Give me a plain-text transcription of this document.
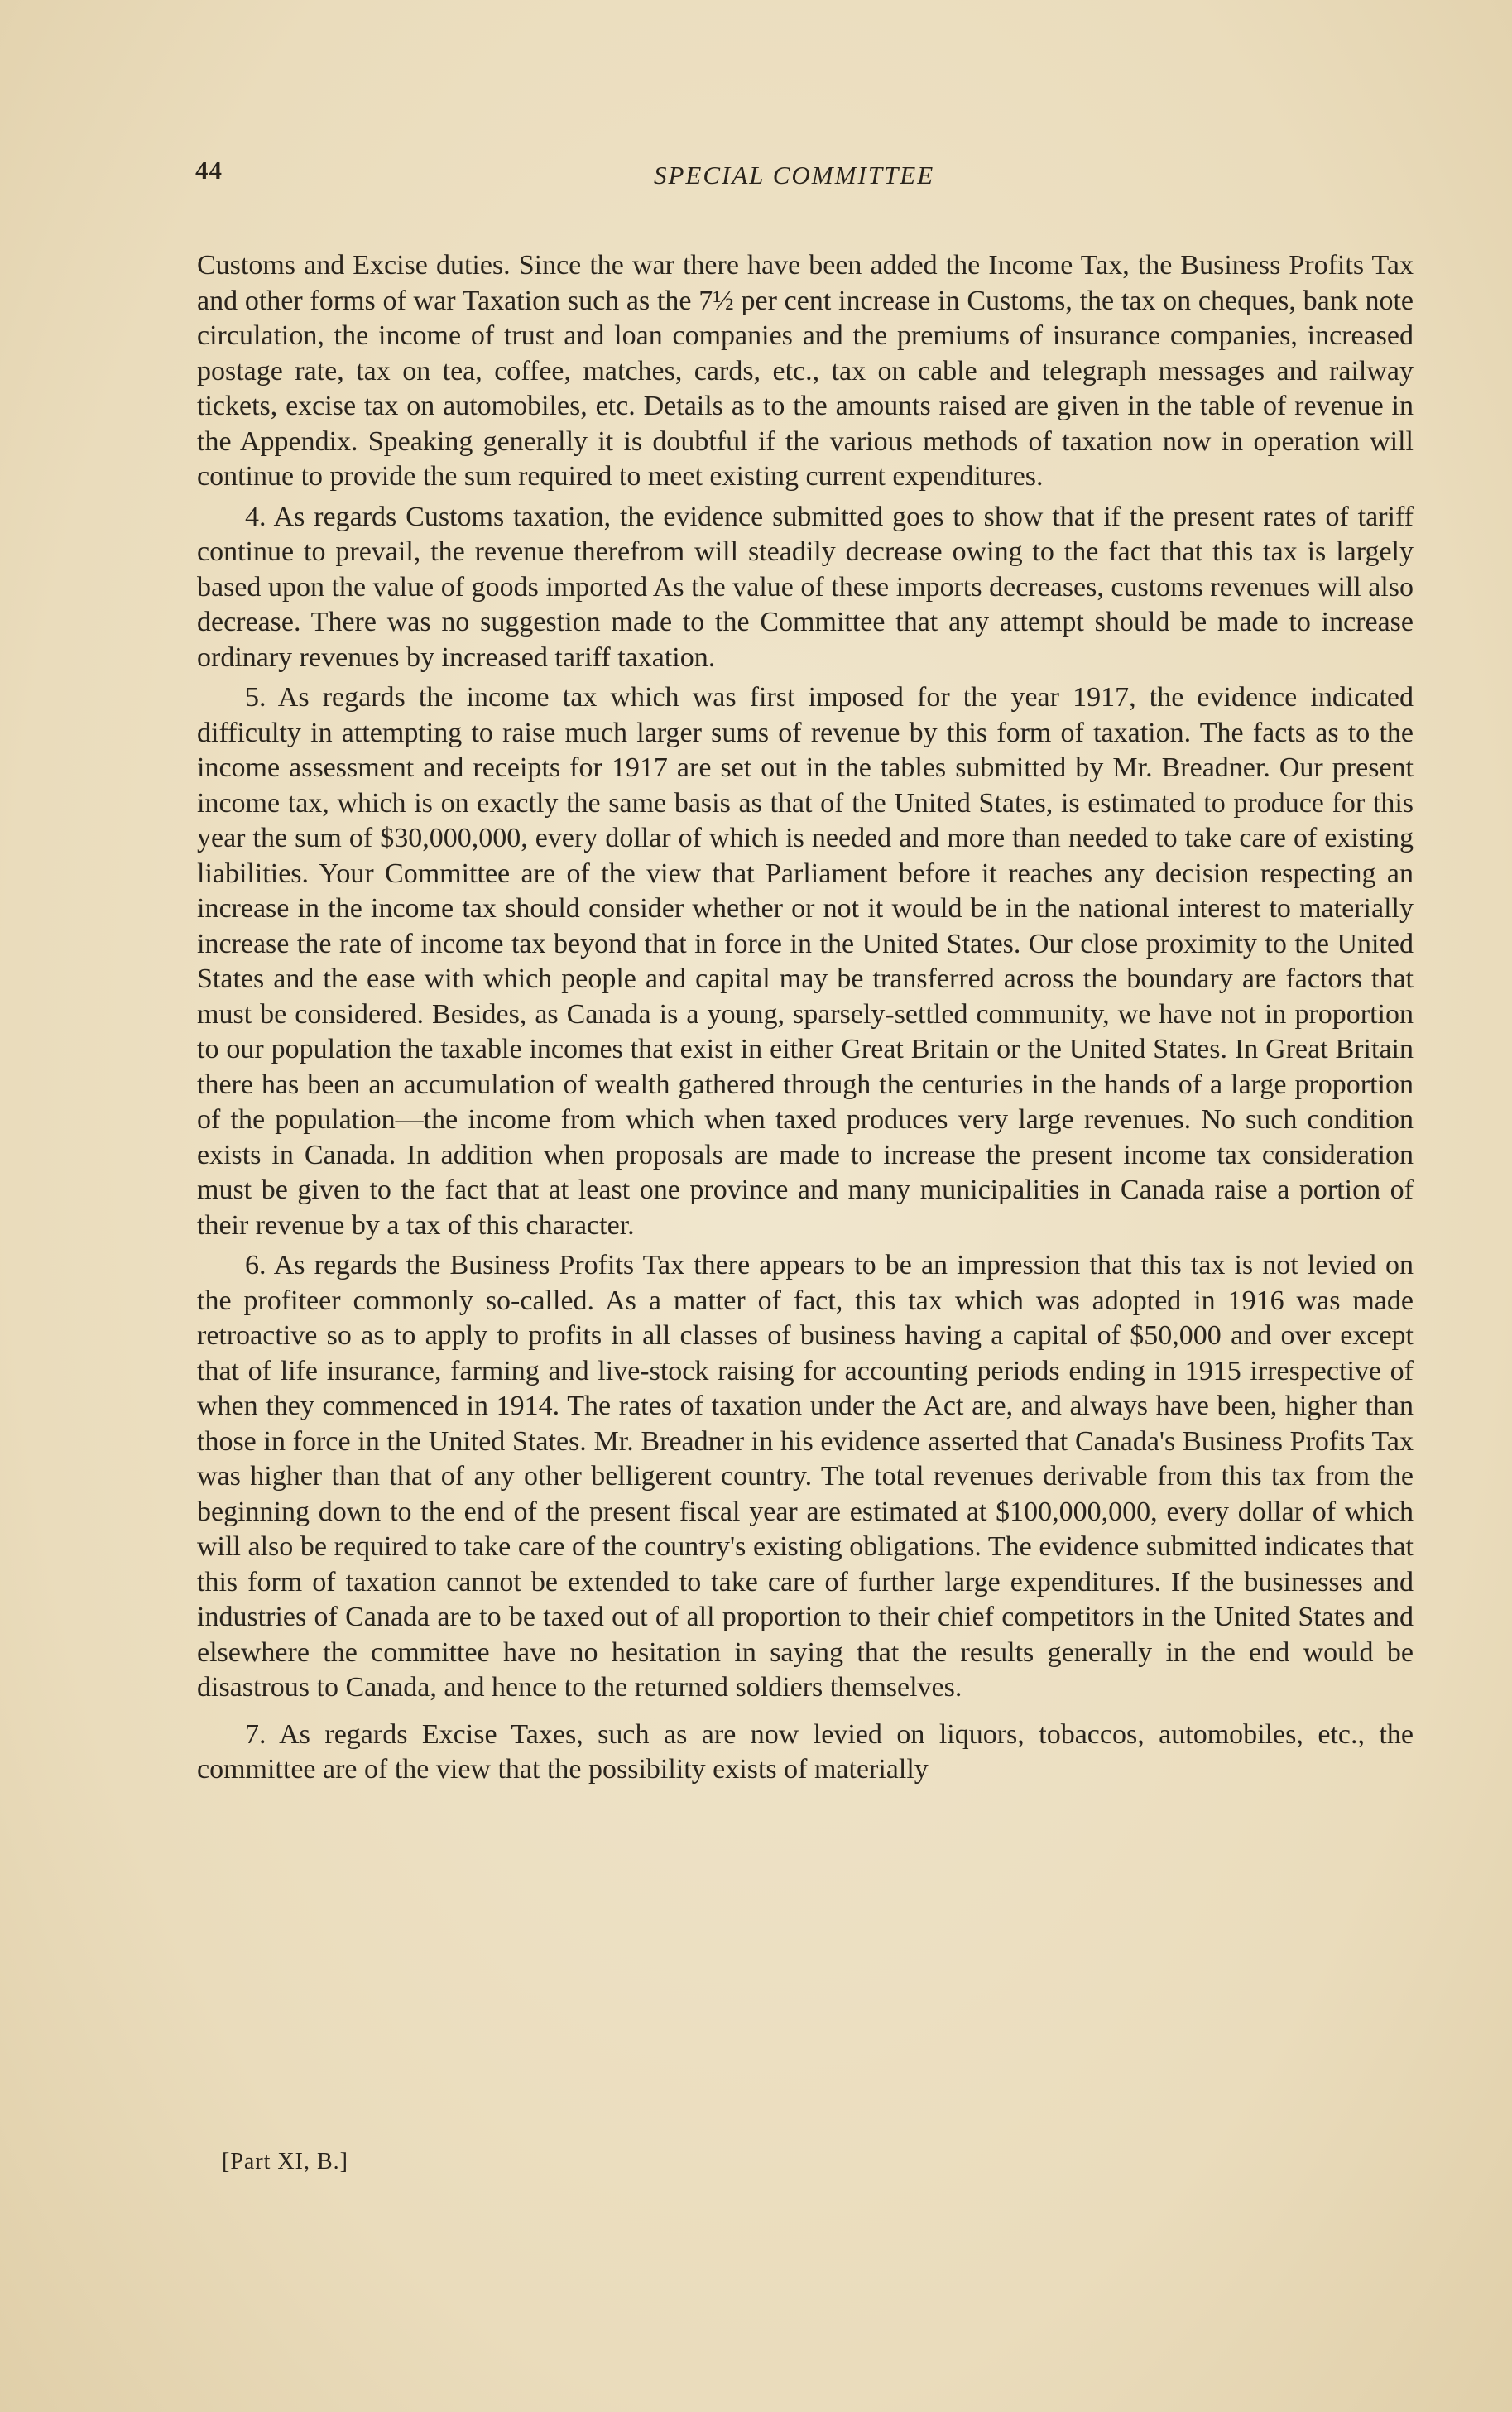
44	SPECIAL COMMITTEE

Customs and Excise duties. Since the war there have been added the Income Tax, the Business Profits Tax and other forms of war Taxation such as the 7½ per cent increase in Customs, the tax on cheques, bank note circulation, the income of trust and loan companies and the premiums of insurance companies, increased postage rate, tax on tea, coffee, matches, cards, etc., tax on cable and telegraph messages and railway tickets, excise tax on automobiles, etc. Details as to the amounts raised are given in the table of revenue in the Appendix. Speaking generally it is doubtful if the various methods of taxation now in operation will continue to provide the sum required to meet existing current expenditures.

4. As regards Customs taxation, the evidence submitted goes to show that if the present rates of tariff continue to prevail, the revenue therefrom will steadily decrease owing to the fact that this tax is largely based upon the value of goods imported As the value of these imports decreases, customs revenues will also decrease. There was no suggestion made to the Committee that any attempt should be made to increase ordinary revenues by increased tariff taxation.

5. As regards the income tax which was first imposed for the year 1917, the evidence indicated difficulty in attempting to raise much larger sums of revenue by this form of taxation. The facts as to the income assessment and receipts for 1917 are set out in the tables submitted by Mr. Breadner. Our present income tax, which is on exactly the same basis as that of the United States, is estimated to produce for this year the sum of $30,000,000, every dollar of which is needed and more than needed to take care of existing liabilities. Your Committee are of the view that Parliament before it reaches any decision respecting an increase in the income tax should consider whether or not it would be in the national interest to materially increase the rate of income tax beyond that in force in the United States. Our close proximity to the United States and the ease with which people and capital may be transferred across the boundary are factors that must be considered. Besides, as Canada is a young, sparsely-settled community, we have not in proportion to our population the taxable incomes that exist in either Great Britain or the United States. In Great Britain there has been an accumulation of wealth gathered through the centuries in the hands of a large proportion of the population—the income from which when taxed produces very large revenues. No such condition exists in Canada. In addition when proposals are made to increase the present income tax consideration must be given to the fact that at least one province and many municipalities in Canada raise a portion of their revenue by a tax of this character.

6. As regards the Business Profits Tax there appears to be an impression that this tax is not levied on the profiteer commonly so-called. As a matter of fact, this tax which was adopted in 1916 was made retroactive so as to apply to profits in all classes of business having a capital of $50,000 and over except that of life insurance, farming and live-stock raising for accounting periods ending in 1915 irrespective of when they commenced in 1914. The rates of taxation under the Act are, and always have been, higher than those in force in the United States. Mr. Breadner in his evidence asserted that Canada's Business Profits Tax was higher than that of any other belligerent country. The total revenues derivable from this tax from the beginning down to the end of the present fiscal year are estimated at $100,000,000, every dollar of which will also be required to take care of the country's existing obligations. The evidence submitted indicates that this form of taxation cannot be extended to take care of further large expenditures. If the businesses and industries of Canada are to be taxed out of all proportion to their chief competitors in the United States and elsewhere the committee have no hesitation in saying that the results generally in the end would be disastrous to Canada, and hence to the returned soldiers themselves.

7. As regards Excise Taxes, such as are now levied on liquors, tobaccos, automobiles, etc., the committee are of the view that the possibility exists of materially

[Part XI, B.]
